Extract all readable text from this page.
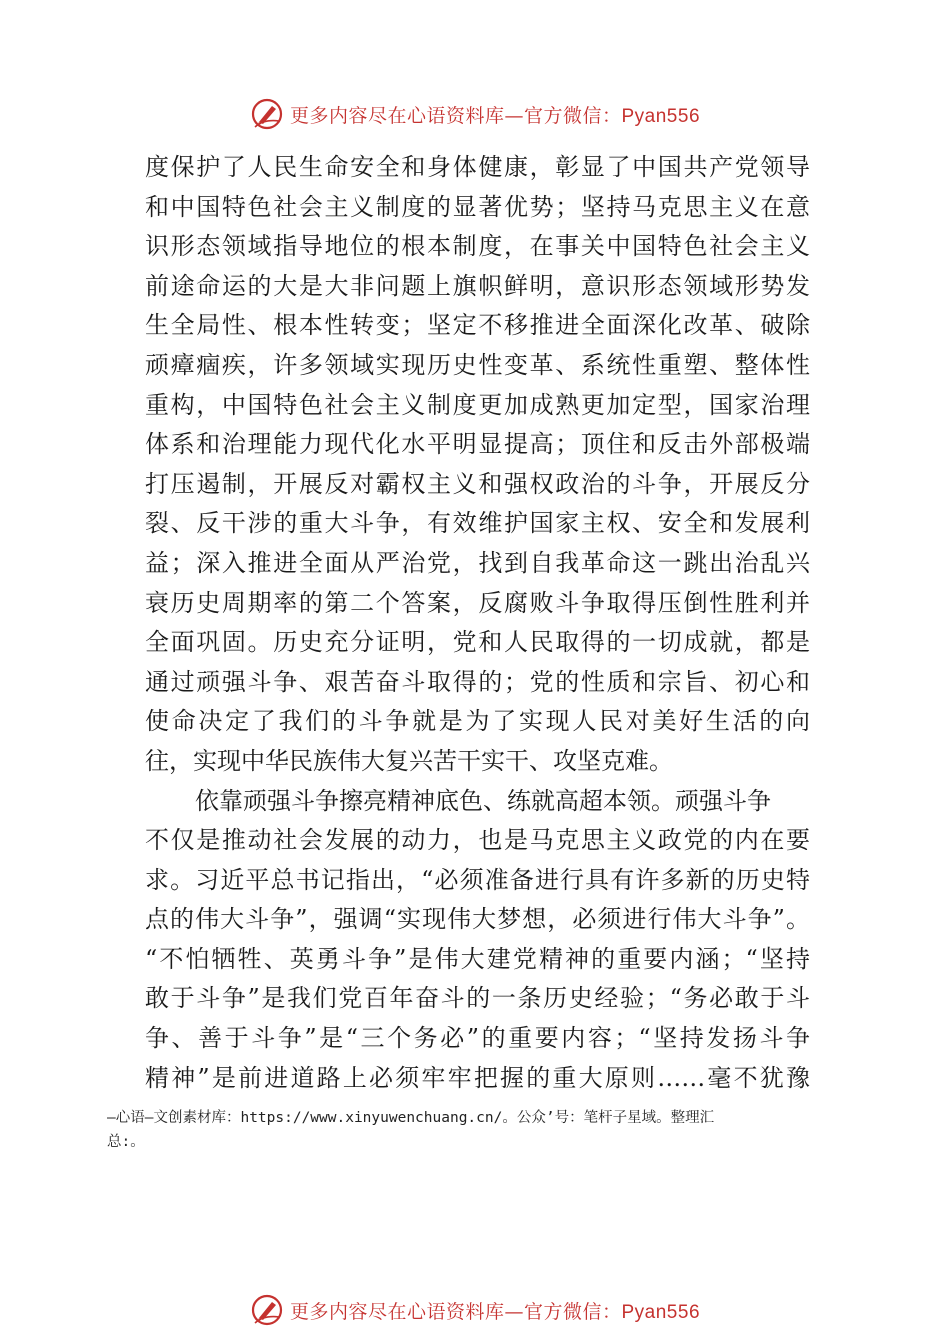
更多内容尽在心语资料库—官方微信：Pyan556
度保护了人民生命安全和身体健康，彰显了中国共产党领导
和中国特色社会主义制度的显著优势；坚持马克思主义在意
识形态领域指导地位的根本制度，在事关中国特色社会主义
前途命运的大是大非问题上旗帜鲜明，意识形态领域形势发
生全局性、根本性转变；坚定不移推进全面深化改革、破除
顽瘴痼疾，许多领域实现历史性变革、系统性重塑、整体性
重构，中国特色社会主义制度更加成熟更加定型，国家治理
体系和治理能力现代化水平明显提高；顶住和反击外部极端
打压遏制，开展反对霸权主义和强权政治的斗争，开展反分
裂、反干涉的重大斗争，有效维护国家主权、安全和发展利
益；深入推进全面从严治党，找到自我革命这一跳出治乱兴
衰历史周期率的第二个答案，反腐败斗争取得压倒性胜利并
全面巩固。历史充分证明，党和人民取得的一切成就，都是
通过顽强斗争、艰苦奋斗取得的；党的性质和宗旨、初心和
使命决定了我们的斗争就是为了实现人民对美好生活的向
往，实现中华民族伟大复兴苦干实干、攻坚克难。
依靠顽强斗争擦亮精神底色、练就高超本领。顽强斗争
不仅是推动社会发展的动力，也是马克思主义政党的内在要
求。习近平总书记指出，“必须准备进行具有许多新的历史特
点的伟大斗争”，强调“实现伟大梦想，必须进行伟大斗争”。
“不怕牺牲、英勇斗争”是伟大建党精神的重要内涵；“坚持
敢于斗争”是我们党百年奋斗的一条历史经验；“务必敢于斗
争、善于斗争”是“三个务必”的重要内容；“坚持发扬斗争
精神”是前进道路上必须牢牢把握的重大原则……毫不犹豫
—心语—文创素材库：https://www.xinyuwenchuang.cn/。公众’号：笔杆子星域。整理汇
总:。
更多内容尽在心语资料库—官方微信：Pyan556
